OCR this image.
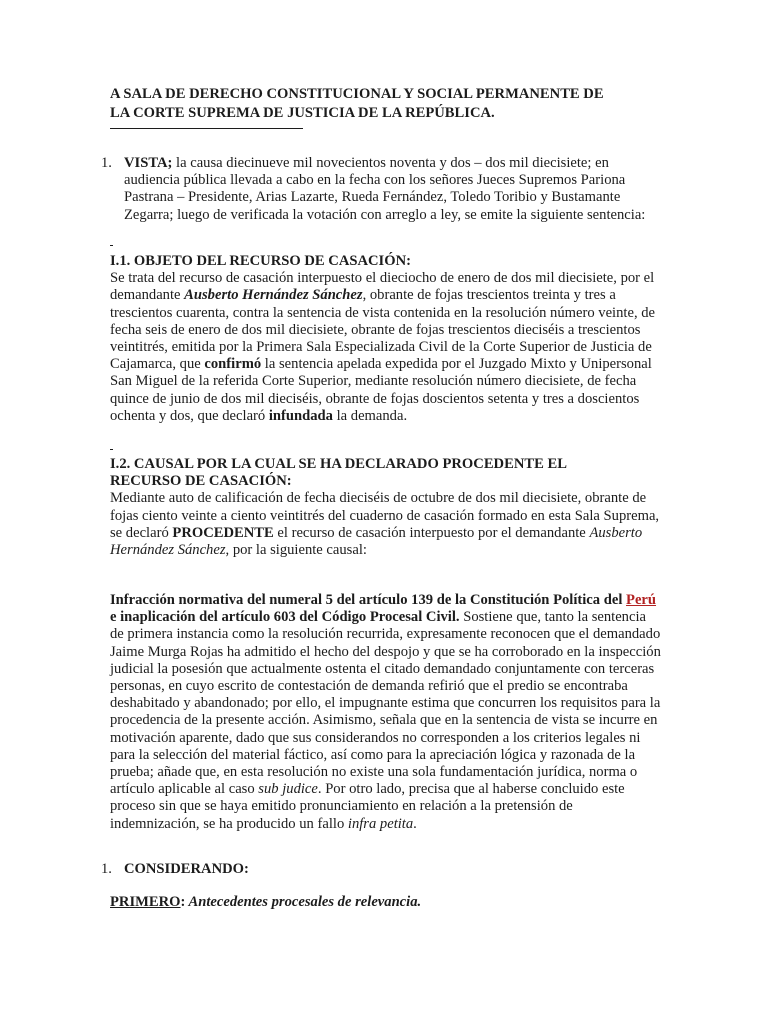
A SALA DE DERECHO CONSTITUCIONAL Y SOCIAL PERMANENTE DE
LA CORTE SUPREMA DE JUSTICIA DE LA REPÚBLICA.
1. VISTA; la causa diecinueve mil novecientos noventa y dos – dos mil diecisiete; en audiencia pública llevada a cabo en la fecha con los señores Jueces Supremos Pariona Pastrana – Presidente, Arias Lazarte, Rueda Fernández, Toledo Toribio y Bustamante Zegarra; luego de verificada la votación con arreglo a ley, se emite la siguiente sentencia:
I.1. OBJETO DEL RECURSO DE CASACIÓN:
Se trata del recurso de casación interpuesto el dieciocho de enero de dos mil diecisiete, por el demandante Ausberto Hernández Sánchez, obrante de fojas trescientos treinta y tres a trescientos cuarenta, contra la sentencia de vista contenida en la resolución número veinte, de fecha seis de enero de dos mil diecisiete, obrante de fojas trescientos dieciséis a trescientos veintitrés, emitida por la Primera Sala Especializada Civil de la Corte Superior de Justicia de Cajamarca, que confirmó la sentencia apelada expedida por el Juzgado Mixto y Unipersonal San Miguel de la referida Corte Superior, mediante resolución número diecisiete, de fecha quince de junio de dos mil dieciséis, obrante de fojas doscientos setenta y tres a doscientos ochenta y dos, que declaró infundada la demanda.
I.2. CAUSAL POR LA CUAL SE HA DECLARADO PROCEDENTE EL
RECURSO DE CASACIÓN:
Mediante auto de calificación de fecha dieciséis de octubre de dos mil diecisiete, obrante de fojas ciento veinte a ciento veintitrés del cuaderno de casación formado en esta Sala Suprema, se declaró PROCEDENTE el recurso de casación interpuesto por el demandante Ausberto Hernández Sánchez, por la siguiente causal:
Infracción normativa del numeral 5 del artículo 139 de la Constitución Política del Perú e inaplicación del artículo 603 del Código Procesal Civil. Sostiene que, tanto la sentencia de primera instancia como la resolución recurrida, expresamente reconocen que el demandado Jaime Murga Rojas ha admitido el hecho del despojo y que se ha corroborado en la inspección judicial la posesión que actualmente ostenta el citado demandado conjuntamente con terceras personas, en cuyo escrito de contestación de demanda refirió que el predio se encontraba deshabitado y abandonado; por ello, el impugnante estima que concurren los requisitos para la procedencia de la presente acción. Asimismo, señala que en la sentencia de vista se incurre en motivación aparente, dado que sus considerandos no corresponden a los criterios legales ni para la selección del material fáctico, así como para la apreciación lógica y razonada de la prueba; añade que, en esta resolución no existe una sola fundamentación jurídica, norma o artículo aplicable al caso sub judice. Por otro lado, precisa que al haberse concluido este proceso sin que se haya emitido pronunciamiento en relación a la pretensión de indemnización, se ha producido un fallo infra petita.
1. CONSIDERANDO:
PRIMERO: Antecedentes procesales de relevancia.
